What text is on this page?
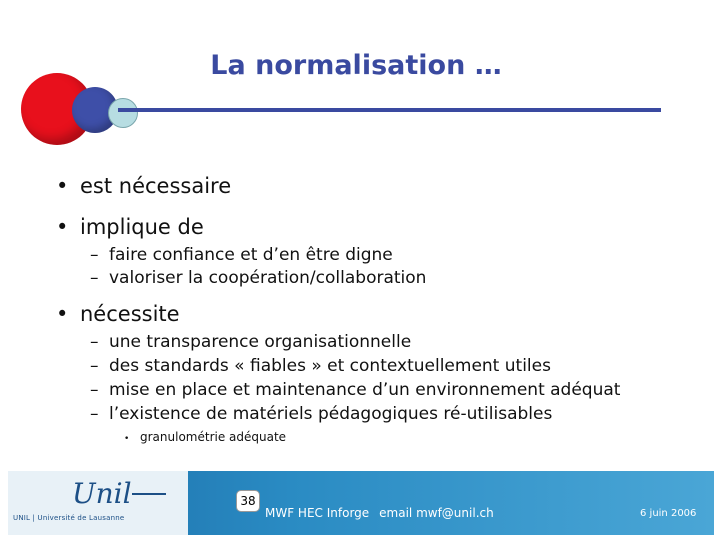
La normalisation …
• est nécessaire
• implique de
– faire confiance et d’en être digne
– valoriser la coopération/collaboration
• nécessite
– une transparence organisationnelle
– des standards « fiables » et contextuellement utiles
– mise en place et maintenance d’un environnement adéquat
– l’existence de matériels pédagogiques ré-utilisables
• granulométrie adéquate
Unil
UNIL | Université de Lausanne
38
MWF HEC Inforge email mwf@unil.ch	6 juin 2006
